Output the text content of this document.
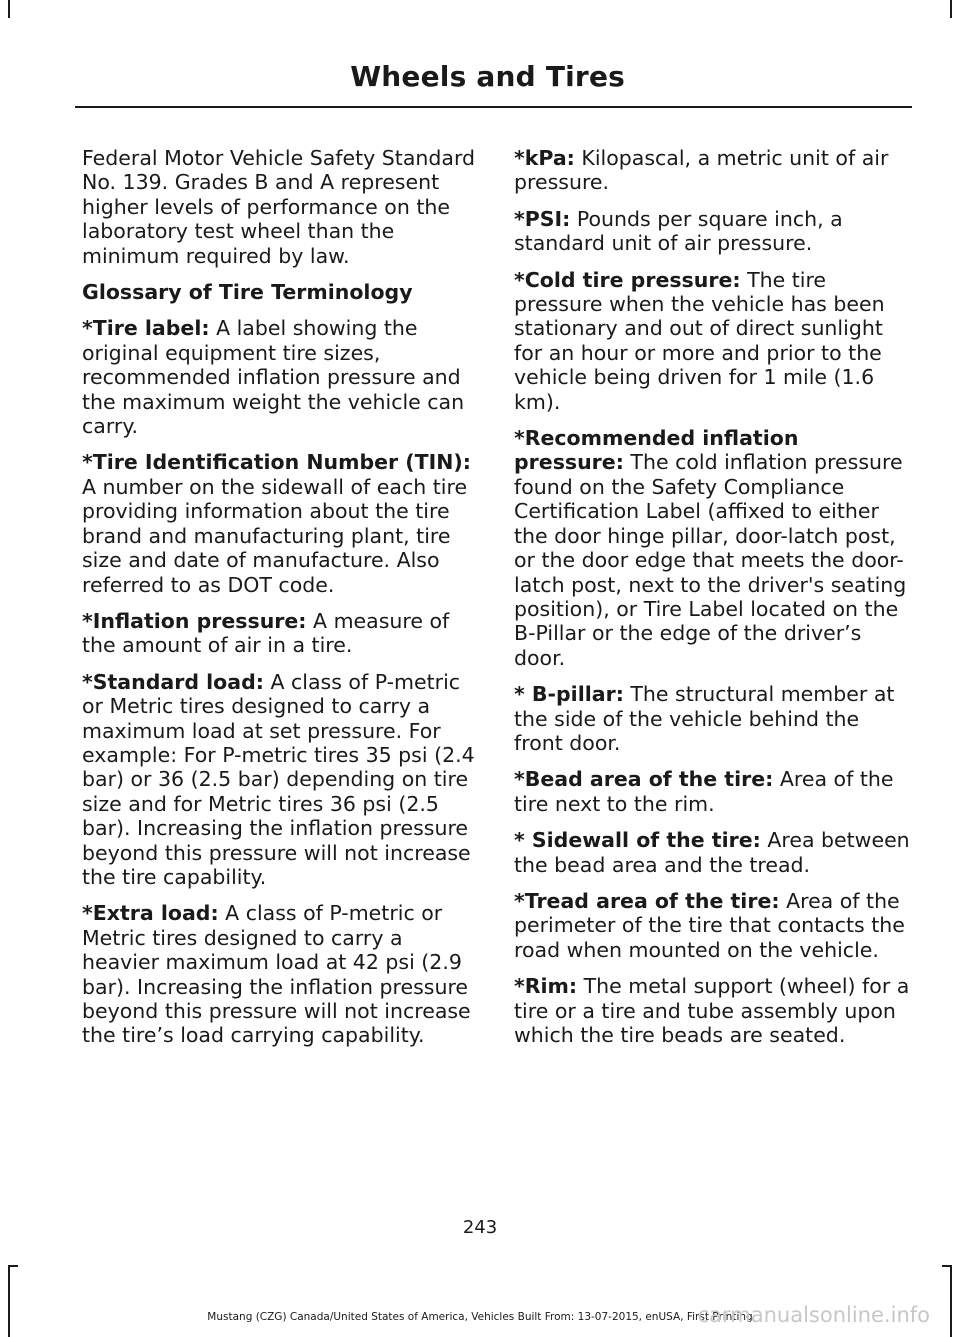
Wheels and Tires

Federal Motor Vehicle Safety Standard No. 139. Grades B and A represent higher levels of performance on the laboratory test wheel than the minimum required by law.

Glossary of Tire Terminology

*Tire label: A label showing the original equipment tire sizes, recommended inflation pressure and the maximum weight the vehicle can carry.

*Tire Identification Number (TIN): A number on the sidewall of each tire providing information about the tire brand and manufacturing plant, tire size and date of manufacture. Also referred to as DOT code.

*Inflation pressure: A measure of the amount of air in a tire.

*Standard load: A class of P-metric or Metric tires designed to carry a maximum load at set pressure. For example: For P-metric tires 35 psi (2.4 bar) or 36 (2.5 bar) depending on tire size and for Metric tires 36 psi (2.5 bar). Increasing the inflation pressure beyond this pressure will not increase the tire capability.

*Extra load: A class of P-metric or Metric tires designed to carry a heavier maximum load at 42 psi (2.9 bar). Increasing the inflation pressure beyond this pressure will not increase the tire’s load carrying capability.

*kPa: Kilopascal, a metric unit of air pressure.

*PSI: Pounds per square inch, a standard unit of air pressure.

*Cold tire pressure: The tire pressure when the vehicle has been stationary and out of direct sunlight for an hour or more and prior to the vehicle being driven for 1 mile (1.6 km).

*Recommended inflation pressure: The cold inflation pressure found on the Safety Compliance Certification Label (affixed to either the door hinge pillar, door-latch post, or the door edge that meets the door-latch post, next to the driver's seating position), or Tire Label located on the B-Pillar or the edge of the driver’s door.

* B-pillar: The structural member at the side of the vehicle behind the front door.

*Bead area of the tire: Area of the tire next to the rim.

* Sidewall of the tire: Area between the bead area and the tread.

*Tread area of the tire: Area of the perimeter of the tire that contacts the road when mounted on the vehicle.

*Rim: The metal support (wheel) for a tire or a tire and tube assembly upon which the tire beads are seated.

243
Mustang (CZG) Canada/United States of America, Vehicles Built From: 13-07-2015, enUSA, First Printing
carmanualsonline.info
